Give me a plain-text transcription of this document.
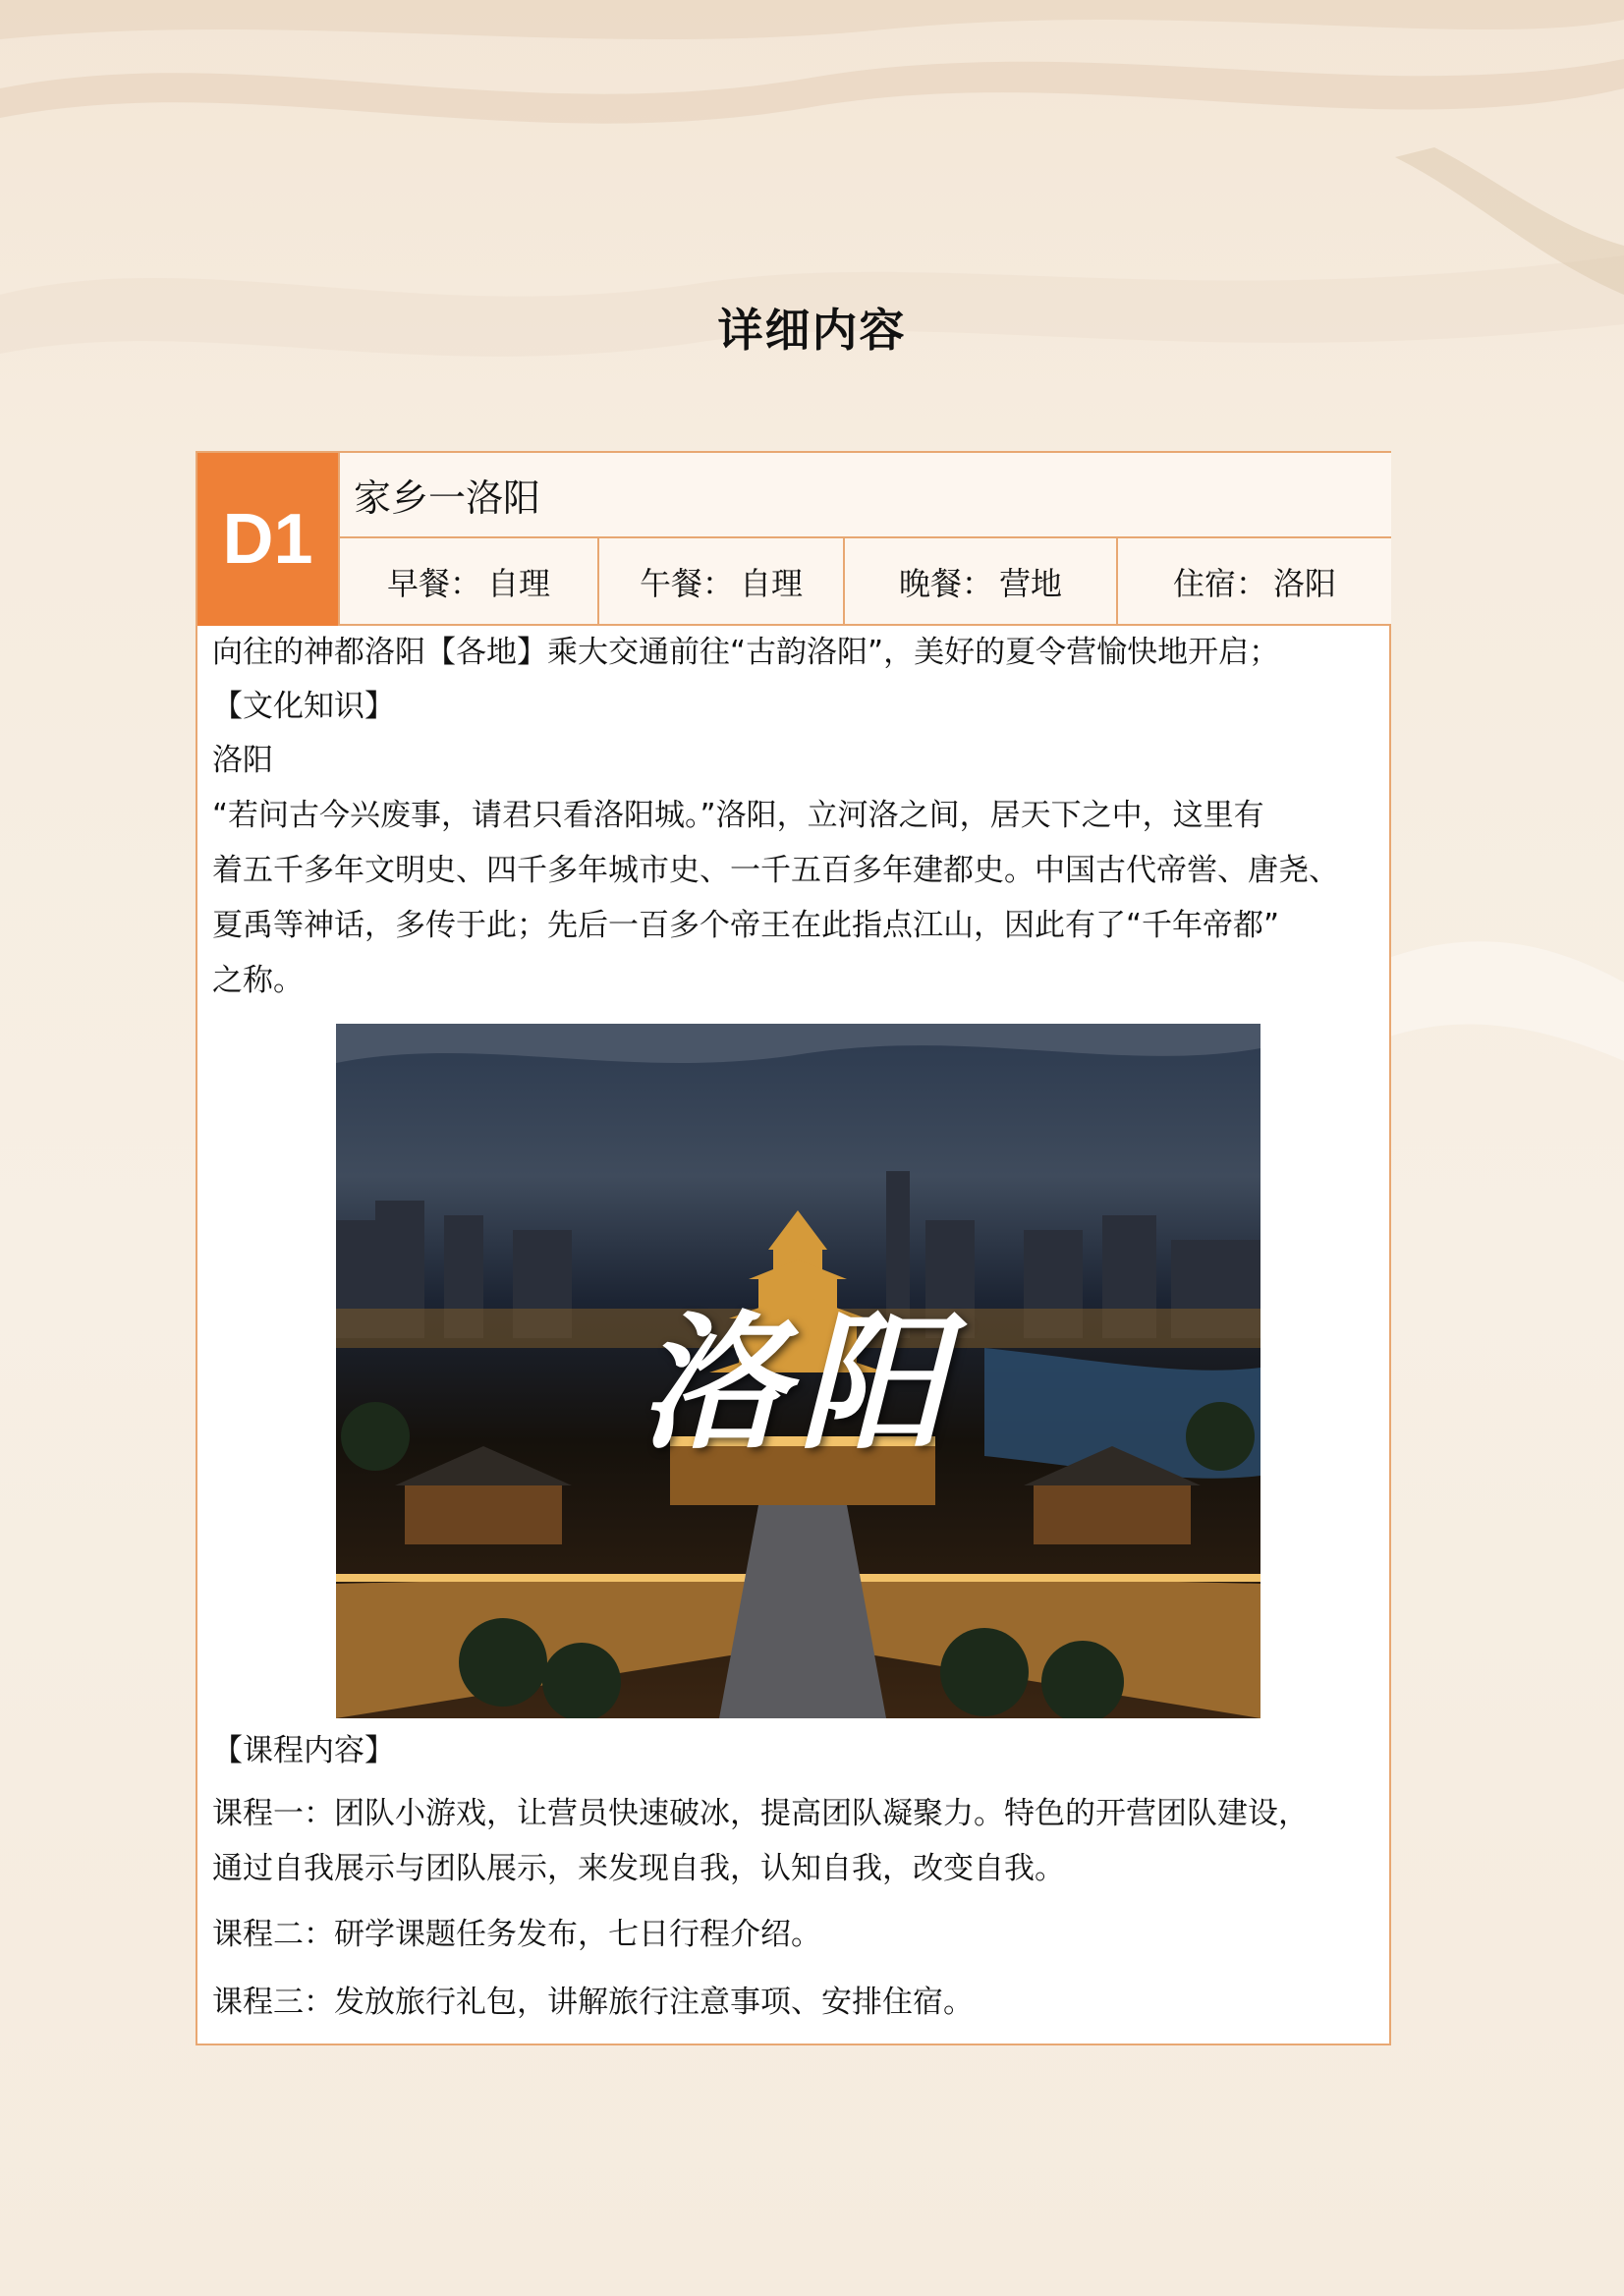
详细内容
D1
家乡一洛阳
早餐： 自理	午餐： 自理	晚餐： 营地	住宿： 洛阳
向往的神都洛阳【各地】乘大交通前往“古韵洛阳”，美好的夏令营愉快地开启；
【文化知识】
洛阳
“若问古今兴废事，请君只看洛阳城。”洛阳，立河洛之间，居天下之中，这里有
着五千多年文明史、四千多年城市史、一千五百多年建都史。中国古代帝喾、唐尧、
夏禹等神话，多传于此；先后一百多个帝王在此指点江山，因此有了“千年帝都”
之称。
洛阳
【课程内容】
课程一：团队小游戏，让营员快速破冰，提高团队凝聚力。特色的开营团队建设，
通过自我展示与团队展示，来发现自我，认知自我，改变自我。
课程二：研学课题任务发布，七日行程介绍。
课程三：发放旅行礼包，讲解旅行注意事项、安排住宿。
